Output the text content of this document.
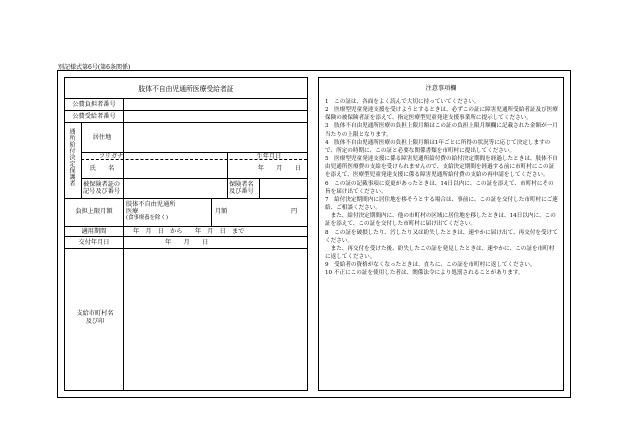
別記様式第6号(第6条関係)
肢体不自由児通所医療受給者証
公費負担者番号
公費受給者番号
通所給付決定保護者	居住地
フリガナ	生年月日
氏　　名	年　　月　　日
被保険者証の記号及び番号
保険者名及び番号
負担上限月額
肢体不自由児通所医療
(食事療養を除く)
月額	円
適用期間	年　月　日　から　　年　月　日　まで
交付年月日	年　　月　　日
支給市町村名及び印
注意事項欄

1　この証は、各面をよく読んで大切に持っていてください。

2　医療型児童発達支援を受けようとするときは、必ずこの証に障害児通所受給者証及び医療保険の被保険者証を添えて、指定医療型児童発達支援事業所に提示してください。

3　肢体不自由児通所医療の負担上限月額はこの証の負担上限月額欄に記載された金額が一月当たりの上限となります。

4　肢体不自由児通所医療の負担上限月額は1年ごとに所得の状況等に応じて決定しますので、所定の時期に、この証と必要な関係書類を市町村に提出してください。

5　医療型児童発達支援に係る障害児通所給付費の給付決定期間を経過したときは、肢体不自由児通所医療費の支給を受けられませんので、支給決定期間を経過する前に市町村にこの証を添えて、医療型児童発達支援に係る障害児通所給付費の支給の再申請をしてください。

6　この証の記載事項に変更があったときは、14日以内に、この証を添えて、市町村にその旨を届け出てください。

7　給付決定期間内に居住地を移そうとする場合は、事前に、この証を交付した市町村にご連絡、ご相談ください。

　また、給付決定期間内に、他の市町村の区域に居住地を移したときは、14日以内に、この証を添えて、この証を交付した市町村に届け出てください。

8　この証を破損したり、汚したり又は紛失したときは、速やかに届け出て、再交付を受けてください。

　また、再交付を受けた後、紛失したこの証を発見したときは、速やかに、この証を市町村に返してください。

9　受給者の資格がなくなったときは、直ちに、この証を市町村に返してください。

10 不正にこの証を使用した者は、関係法令により処罰されることがあります。
